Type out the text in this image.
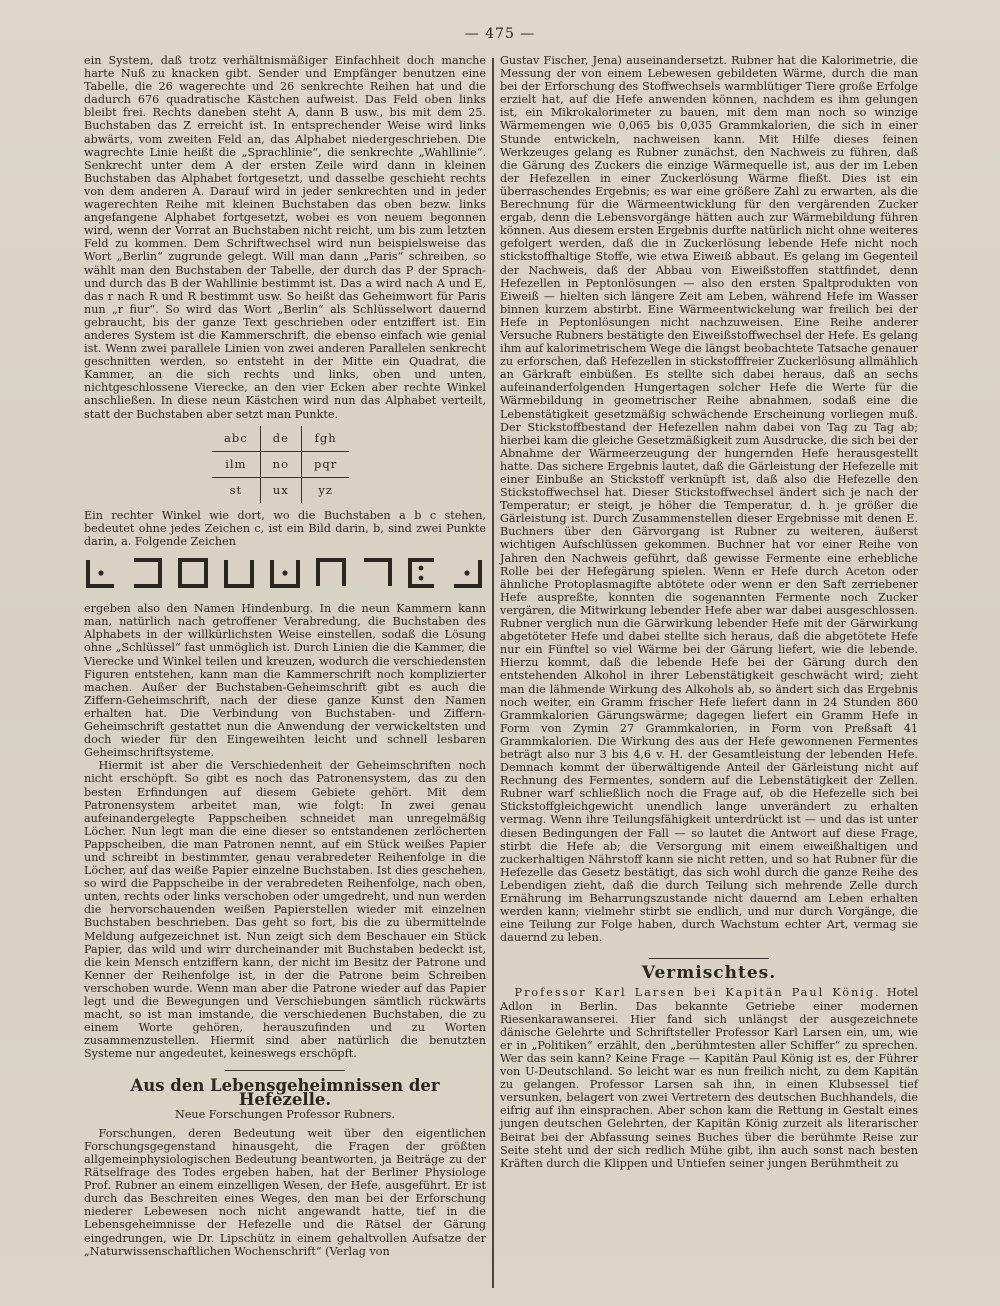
— 475 —

ein System, daß trotz verhältnismäßiger Einfachheit doch manche harte Nuß zu knacken gibt. Sender und Empfänger benutzen eine Tabelle, die 26 wagerechte und 26 senkrechte Reihen hat und die dadurch 676 quadratische Kästchen aufweist. Das Feld oben links bleibt frei. Rechts daneben steht A, dann B usw., bis mit dem 25. Buchstaben das Z erreicht ist. In entsprechender Weise wird links abwärts, vom zweiten Feld an, das Alphabet niedergeschrieben. Die wagrechte Linie heißt die „Sprachlinie“, die senkrechte „Wahllinie“. Senkrecht unter dem A der ersten Zeile wird dann in kleinen Buchstaben das Alphabet fortgesetzt, und dasselbe geschieht rechts von dem anderen A. Darauf wird in jeder senkrechten und in jeder wagerechten Reihe mit kleinen Buchstaben das oben bezw. links angefangene Alphabet fortgesetzt, wobei es von neuem begonnen wird, wenn der Vorrat an Buchstaben nicht reicht, um bis zum letzten Feld zu kommen. Dem Schriftwechsel wird nun beispielsweise das Wort „Berlin“ zugrunde gelegt. Will man dann „Paris“ schreiben, so wählt man den Buchstaben der Tabelle, der durch das P der Sprach- und durch das B der Wahllinie bestimmt ist. Das a wird nach A und E, das r nach R und R bestimmt usw. So heißt das Geheimwort für Paris nun „r fiur“. So wird das Wort „Berlin“ als Schlüsselwort dauernd gebraucht, bis der ganze Text geschrieben oder entziffert ist. Ein anderes System ist die Kammerschrift, die ebenso einfach wie genial ist. Wenn zwei parallele Linien von zwei anderen Parallelen senkrecht geschnitten werden, so entsteht in der Mitte ein Quadrat, die Kammer, an die sich rechts und links, oben und unten, nichtgeschlossene Vierecke, an den vier Ecken aber rechte Winkel anschließen. In diese neun Kästchen wird nun das Alphabet verteilt, statt der Buchstaben aber setzt man Punkte.

abc	de	fgh
ilm	no	pqr
st	ux	yz

Ein rechter Winkel wie dort, wo die Buchstaben a b c stehen, bedeutet ohne jedes Zeichen c, ist ein Bild darin, b, sind zwei Punkte darin, a. Folgende Zeichen

ergeben also den Namen Hindenburg. In die neun Kammern kann man, natürlich nach getroffener Verabredung, die Buchstaben des Alphabets in der willkürlichsten Weise einstellen, sodaß die Lösung ohne „Schlüssel“ fast unmöglich ist. Durch Linien die die Kammer, die Vierecke und Winkel teilen und kreuzen, wodurch die verschiedensten Figuren entstehen, kann man die Kammerschrift noch komplizierter machen. Außer der Buchstaben-Geheimschrift gibt es auch die Ziffern-Geheimschrift, nach der diese ganze Kunst den Namen erhalten hat. Die Verbindung von Buchstaben- und Ziffern-Geheimschrift gestattet nun die Anwendung der verwickeltsten und doch wieder für den Eingeweihten leicht und schnell lesbaren Geheimschriftsysteme.

Hiermit ist aber die Verschiedenheit der Geheimschriften noch nicht erschöpft. So gibt es noch das Patronensystem, das zu den besten Erfindungen auf diesem Gebiete gehört. Mit dem Patronensystem arbeitet man, wie folgt: In zwei genau aufeinandergelegte Pappscheiben schneidet man unregelmäßig Löcher. Nun legt man die eine dieser so entstandenen zerlöcherten Pappscheiben, die man Patronen nennt, auf ein Stück weißes Papier und schreibt in bestimmter, genau verabredeter Reihenfolge in die Löcher, auf das weiße Papier einzelne Buchstaben. Ist dies geschehen, so wird die Pappscheibe in der verabredeten Reihenfolge, nach oben, unten, rechts oder links verschoben oder umgedreht, und nun werden die hervorschauenden weißen Papierstellen wieder mit einzelnen Buchstaben beschrieben. Das geht so fort, bis die zu übermittelnde Meldung aufgezeichnet ist. Nun zeigt sich dem Beschauer ein Stück Papier, das wild und wirr durcheinander mit Buchstaben bedeckt ist, die kein Mensch entziffern kann, der nicht im Besitz der Patrone und Kenner der Reihenfolge ist, in der die Patrone beim Schreiben verschoben wurde. Wenn man aber die Patrone wieder auf das Papier legt und die Bewegungen und Verschiebungen sämtlich rückwärts macht, so ist man imstande, die verschiedenen Buchstaben, die zu einem Worte gehören, herauszufinden und zu Worten zusammenzustellen. Hiermit sind aber natürlich die benutzten Systeme nur angedeutet, keineswegs erschöpft.

Aus den Lebensgeheimnissen der Hefezelle.
Neue Forschungen Professor Rubners.

Forschungen, deren Bedeutung weit über den eigentlichen Forschungsgegenstand hinausgeht, die Fragen der größten allgemeinphysiologischen Bedeutung beantworten, ja Beiträge zu der Rätselfrage des Todes ergeben haben, hat der Berliner Physiologe Prof. Rubner an einem einzelligen Wesen, der Hefe, ausgeführt. Er ist durch das Beschreiten eines Weges, den man bei der Erforschung niederer Lebewesen noch nicht angewandt hatte, tief in die Lebensgeheimnisse der Hefezelle und die Rätsel der Gärung eingedrungen, wie Dr. Lipschütz in einem gehaltvollen Aufsatze der „Naturwissenschaftlichen Wochenschrift“ (Verlag von

Gustav Fischer, Jena) auseinandersetzt. Rubner hat die Kalorimetrie, die Messung der von einem Lebewesen gebildeten Wärme, durch die man bei der Erforschung des Stoffwechsels warmblütiger Tiere große Erfolge erzielt hat, auf die Hefe anwenden können, nachdem es ihm gelungen ist, ein Mikrokalorimeter zu bauen, mit dem man noch so winzige Wärmemengen wie 0,065 bis 0,035 Grammkalorien, die sich in einer Stunde entwickeln, nachweisen kann. Mit Hilfe dieses feinen Werkzeuges gelang es Rubner zunächst, den Nachweis zu führen, daß die Gärung des Zuckers die einzige Wärmequelle ist, aus der im Leben der Hefezellen in einer Zuckerlösung Wärme fließt. Dies ist ein überraschendes Ergebnis; es war eine größere Zahl zu erwarten, als die Berechnung für die Wärmeentwicklung für den vergärenden Zucker ergab, denn die Lebensvorgänge hätten auch zur Wärmebildung führen können. Aus diesem ersten Ergebnis durfte natürlich nicht ohne weiteres gefolgert werden, daß die in Zuckerlösung lebende Hefe nicht noch stickstoffhaltige Stoffe, wie etwa Eiweiß abbaut. Es gelang im Gegenteil der Nachweis, daß der Abbau von Eiweißstoffen stattfindet, denn Hefezellen in Peptonlösungen — also den ersten Spaltprodukten von Eiweiß — hielten sich längere Zeit am Leben, während Hefe im Wasser binnen kurzem abstirbt. Eine Wärmeentwickelung war freilich bei der Hefe in Peptonlösungen nicht nachzuweisen. Eine Reihe anderer Versuche Rubners bestätigte den Eiweißstoffwechsel der Hefe. Es gelang ihm auf kalorimetrischem Wege die längst beobachtete Tatsache genauer zu erforschen, daß Hefezellen in stickstofffreier Zuckerlösung allmählich an Gärkraft einbüßen. Es stellte sich dabei heraus, daß an sechs aufeinanderfolgenden Hungertagen solcher Hefe die Werte für die Wärmebildung in geometrischer Reihe abnahmen, sodaß eine die Lebenstätigkeit gesetzmäßig schwächende Erscheinung vorliegen muß. Der Stickstoffbestand der Hefezellen nahm dabei von Tag zu Tag ab; hierbei kam die gleiche Gesetzmäßigkeit zum Ausdrucke, die sich bei der Abnahme der Wärmeerzeugung der hungernden Hefe herausgestellt hatte. Das sichere Ergebnis lautet, daß die Gärleistung der Hefezelle mit einer Einbuße an Stickstoff verknüpft ist, daß also die Hefezelle den Stickstoffwechsel hat. Dieser Stickstoffwechsel ändert sich je nach der Temperatur; er steigt, je höher die Temperatur, d. h. je größer die Gärleistung ist. Durch Zusammenstellen dieser Ergebnisse mit denen E. Buchners über den Gärvorgang ist Rubner zu weiteren, äußerst wichtigen Aufschlüssen gekommen. Buchner hat vor einer Reihe von Jahren den Nachweis geführt, daß gewisse Fermente eine erhebliche Rolle bei der Hefegärung spielen. Wenn er Hefe durch Aceton oder ähnliche Protoplasmagifte abtötete oder wenn er den Saft zerriebener Hefe auspreßte, konnten die sogenannten Fermente noch Zucker vergären, die Mitwirkung lebender Hefe aber war dabei ausgeschlossen. Rubner verglich nun die Gärwirkung lebender Hefe mit der Gärwirkung abgetöteter Hefe und dabei stellte sich heraus, daß die abgetötete Hefe nur ein Fünftel so viel Wärme bei der Gärung liefert, wie die lebende. Hierzu kommt, daß die lebende Hefe bei der Gärung durch den entstehenden Alkohol in ihrer Lebenstätigkeit geschwächt wird; zieht man die lähmende Wirkung des Alkohols ab, so ändert sich das Ergebnis noch weiter, ein Gramm frischer Hefe liefert dann in 24 Stunden 860 Grammkalorien Gärungswärme; dagegen liefert ein Gramm Hefe in Form von Zymin 27 Grammkalorien, in Form von Preßsaft 41 Grammkalorien. Die Wirkung des aus der Hefe gewonnenen Fermentes beträgt also nur 3 bis 4,6 v. H. der Gesamtleistung der lebenden Hefe. Demnach kommt der überwältigende Anteil der Gärleistung nicht auf Rechnung des Fermentes, sondern auf die Lebenstätigkeit der Zellen. Rubner warf schließlich noch die Frage auf, ob die Hefezelle sich bei Stickstoffgleichgewicht unendlich lange unverändert zu erhalten vermag. Wenn ihre Teilungsfähigkeit unterdrückt ist — und das ist unter diesen Bedingungen der Fall — so lautet die Antwort auf diese Frage, stirbt die Hefe ab; die Versorgung mit einem eiweißhaltigen und zuckerhaltigen Nährstoff kann sie nicht retten, und so hat Rubner für die Hefezelle das Gesetz bestätigt, das sich wohl durch die ganze Reihe des Lebendigen zieht, daß die durch Teilung sich mehrende Zelle durch Ernährung im Beharrungszustande nicht dauernd am Leben erhalten werden kann; vielmehr stirbt sie endlich, und nur durch Vorgänge, die eine Teilung zur Folge haben, durch Wachstum echter Art, vermag sie dauernd zu leben.

Vermischtes.

Professor Karl Larsen bei Kapitän Paul König. Hotel Adlon in Berlin. Das bekannte Getriebe einer modernen Riesenkarawanserei. Hier fand sich unlängst der ausgezeichnete dänische Gelehrte und Schriftsteller Professor Karl Larsen ein, um, wie er in „Politiken“ erzählt, den „berühmtesten aller Schiffer“ zu sprechen. Wer das sein kann? Keine Frage — Kapitän Paul König ist es, der Führer von U-Deutschland. So leicht war es nun freilich nicht, zu dem Kapitän zu gelangen. Professor Larsen sah ihn, in einen Klubsessel tief versunken, belagert von zwei Vertretern des deutschen Buchhandels, die eifrig auf ihn einsprachen. Aber schon kam die Rettung in Gestalt eines jungen deutschen Gelehrten, der Kapitän König zurzeit als literarischer Beirat bei der Abfassung seines Buches über die berühmte Reise zur Seite steht und der sich redlich Mühe gibt, ihn auch sonst nach besten Kräften durch die Klippen und Untiefen seiner jungen Berühmtheit zu
